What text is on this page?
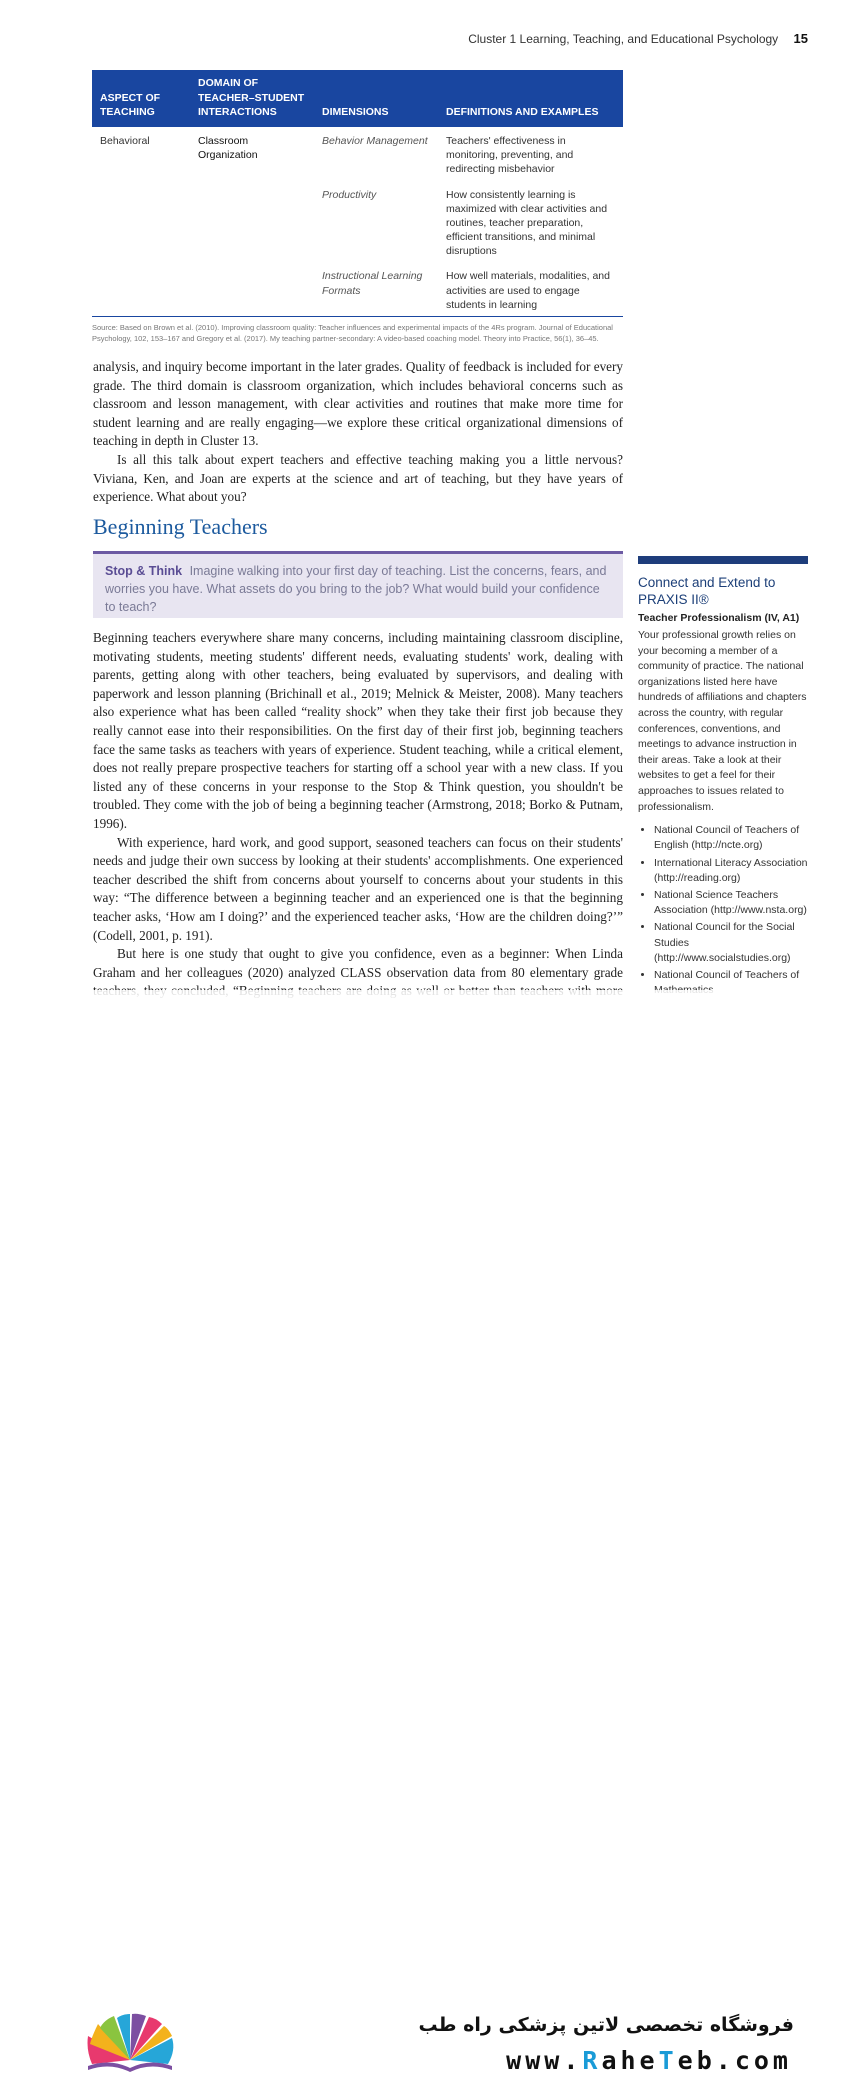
Cluster 1 Learning, Teaching, and Educational Psychology 15
ASPECT OF TEACHING	DOMAIN OF TEACHER–STUDENT INTERACTIONS	DIMENSIONS	DEFINITIONS AND EXAMPLES
Behavioral	Classroom Organization	Behavior Management	Teachers' effectiveness in monitoring, preventing, and redirecting misbehavior
		Productivity	How consistently learning is maximized with clear activities and routines, teacher preparation, efficient transitions, and minimal disruptions
		Instructional Learning Formats	How well materials, modalities, and activities are used to engage students in learning
Source: Based on Brown et al. (2010). Improving classroom quality: Teacher influences and experimental impacts of the 4Rs program. Journal of Educational Psychology, 102, 153–167 and Gregory et al. (2017). My teaching partner-secondary: A video-based coaching model. Theory into Practice, 56(1), 36–45.

analysis, and inquiry become important in the later grades. Quality of feedback is included for every grade. The third domain is classroom organization, which includes behavioral concerns such as classroom and lesson management, with clear activities and routines that make more time for student learning and are really engaging—we explore these critical organizational dimensions of teaching in depth in Cluster 13.

Is all this talk about expert teachers and effective teaching making you a little nervous? Viviana, Ken, and Joan are experts at the science and art of teaching, but they have years of experience. What about you?

Beginning Teachers
Stop & Think Imagine walking into your first day of teaching. List the concerns, fears, and worries you have. What assets do you bring to the job? What would build your confidence to teach?

Beginning teachers everywhere share many concerns, including maintaining classroom discipline, motivating students, meeting students' different needs, evaluating students' work, dealing with parents, getting along with other teachers, being evaluated by supervisors, and dealing with paperwork and lesson planning (Brichinall et al., 2019; Melnick & Meister, 2008). Many teachers also experience what has been called “reality shock” when they take their first job because they really cannot ease into their responsibilities. On the first day of their first job, beginning teachers face the same tasks as teachers with years of experience. Student teaching, while a critical element, does not really prepare prospective teachers for starting off a school year with a new class. If you listed any of these concerns in your response to the Stop & Think question, you shouldn't be troubled. They come with the job of being a beginning teacher (Armstrong, 2018; Borko & Putnam, 1996).

With experience, hard work, and good support, seasoned teachers can focus on their students' needs and judge their own success by looking at their students' accomplishments. One experienced teacher described the shift from concerns about yourself to concerns about your students in this way: “The difference between a beginning teacher and an experienced one is that the beginning teacher asks, ‘How am I doing?’ and the experienced teacher asks, ‘How are the children doing?’” (Codell, 2001, p. 191).

But here is one study that ought to give you confidence, even as a beginner: When Linda Graham and her colleagues (2020) analyzed CLASS observation data from 80 elementary grade

Connect and Extend to PRAXIS II®
Teacher Professionalism (IV, A1)

Your professional growth relies on your becoming a member of a community of practice. The national organizations listed here have hundreds of affiliations and chapters across the country, with regular conferences, conventions, and meetings to advance instruction in their areas. Take a look at their websites to get a feel for their approaches to issues related to professionalism.

• National Council of Teachers of English (http://ncte.org)
• International Literacy Association (http://reading.org)
• National Science Teachers Association (http://www.nsta.org)
• National Council for the Social Studies (http://www.socialstudies.org)
• National Council of Teachers of
فروشگاه تخصصی لاتین پزشکی راه طب
www.RaheTeb.com
